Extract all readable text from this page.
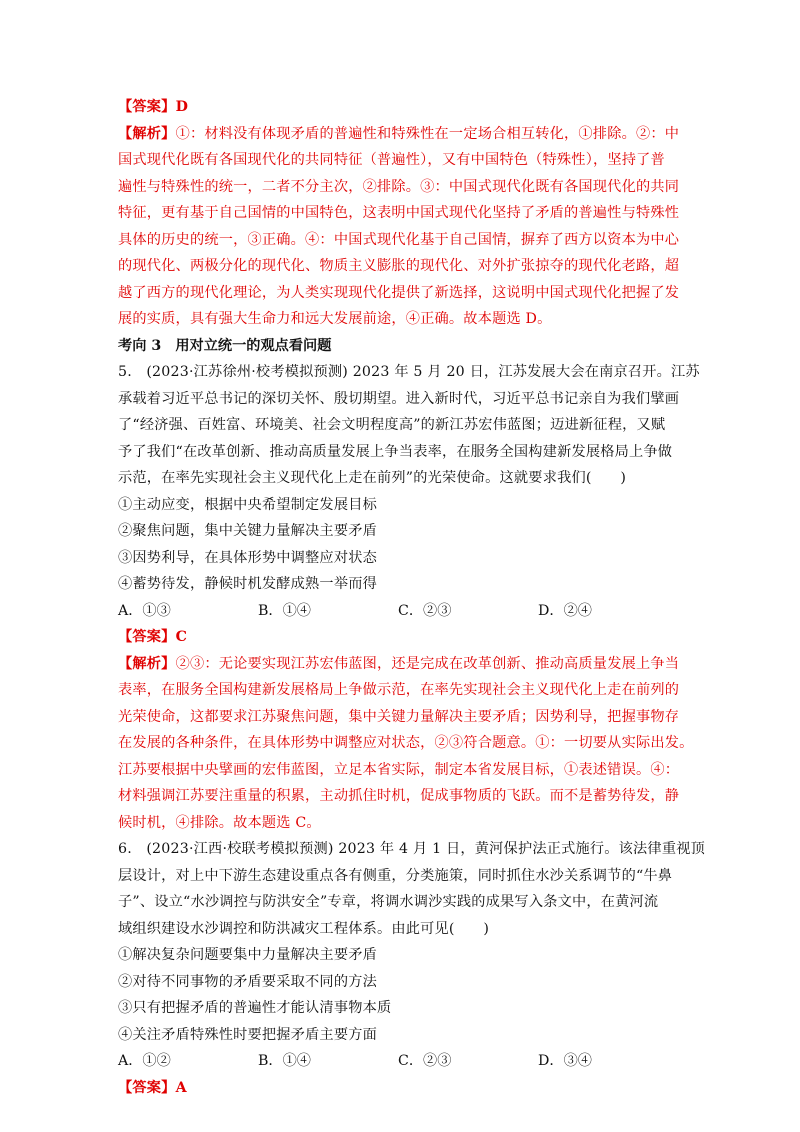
【答案】D
【解析】①：材料没有体现矛盾的普遍性和特殊性在一定场合相互转化，①排除。②：中
国式现代化既有各国现代化的共同特征（普遍性），又有中国特色（特殊性），坚持了普
遍性与特殊性的统一，二者不分主次，②排除。③：中国式现代化既有各国现代化的共同
特征，更有基于自己国情的中国特色，这表明中国式现代化坚持了矛盾的普遍性与特殊性
具体的历史的统一，③正确。④：中国式现代化基于自己国情，摒弃了西方以资本为中心
的现代化、两极分化的现代化、物质主义膨胀的现代化、对外扩张掠夺的现代化老路，超
越了西方的现代化理论，为人类实现现代化提供了新选择，这说明中国式现代化把握了发
展的实质，具有强大生命力和远大发展前途，④正确。故本题选 D。
考向 3　用对立统一的观点看问题
5.　(2023·江苏徐州·校考模拟预测) 2023 年 5 月 20 日，江苏发展大会在南京召开。江苏
承载着习近平总书记的深切关怀、殷切期望。进入新时代，习近平总书记亲自为我们擘画
了“经济强、百姓富、环境美、社会文明程度高”的新江苏宏伟蓝图；迈进新征程，又赋
予了我们“在改革创新、推动高质量发展上争当表率，在服务全国构建新发展格局上争做
示范，在率先实现社会主义现代化上走在前列”的光荣使命。这就要求我们(　　)
①主动应变，根据中央希望制定发展目标
②聚焦问题，集中关键力量解决主要矛盾
③因势利导，在具体形势中调整应对状态
④蓄势待发，静候时机发酵成熟一举而得
A．①③	B．①④	C．②③	D．②④
【答案】C
【解析】②③：无论要实现江苏宏伟蓝图，还是完成在改革创新、推动高质量发展上争当
表率，在服务全国构建新发展格局上争做示范，在率先实现社会主义现代化上走在前列的
光荣使命，这都要求江苏聚焦问题，集中关键力量解决主要矛盾；因势利导，把握事物存
在发展的各种条件，在具体形势中调整应对状态，②③符合题意。①：一切要从实际出发。
江苏要根据中央擘画的宏伟蓝图，立足本省实际，制定本省发展目标，①表述错误。④：
材料强调江苏要注重量的积累，主动抓住时机，促成事物质的飞跃。而不是蓄势待发，静
候时机，④排除。故本题选 C。
6.　(2023·江西·校联考模拟预测) 2023 年 4 月 1 日，黄河保护法正式施行。该法律重视顶
层设计，对上中下游生态建设重点各有侧重，分类施策，同时抓住水沙关系调节的“牛鼻
子”、设立“水沙调控与防洪安全”专章，将调水调沙实践的成果写入条文中，在黄河流
域组织建设水沙调控和防洪减灾工程体系。由此可见(　　)
①解决复杂问题要集中力量解决主要矛盾
②对待不同事物的矛盾要采取不同的方法
③只有把握矛盾的普遍性才能认清事物本质
④关注矛盾特殊性时要把握矛盾主要方面
A．①②	B．①④	C．②③	D．③④
【答案】A
